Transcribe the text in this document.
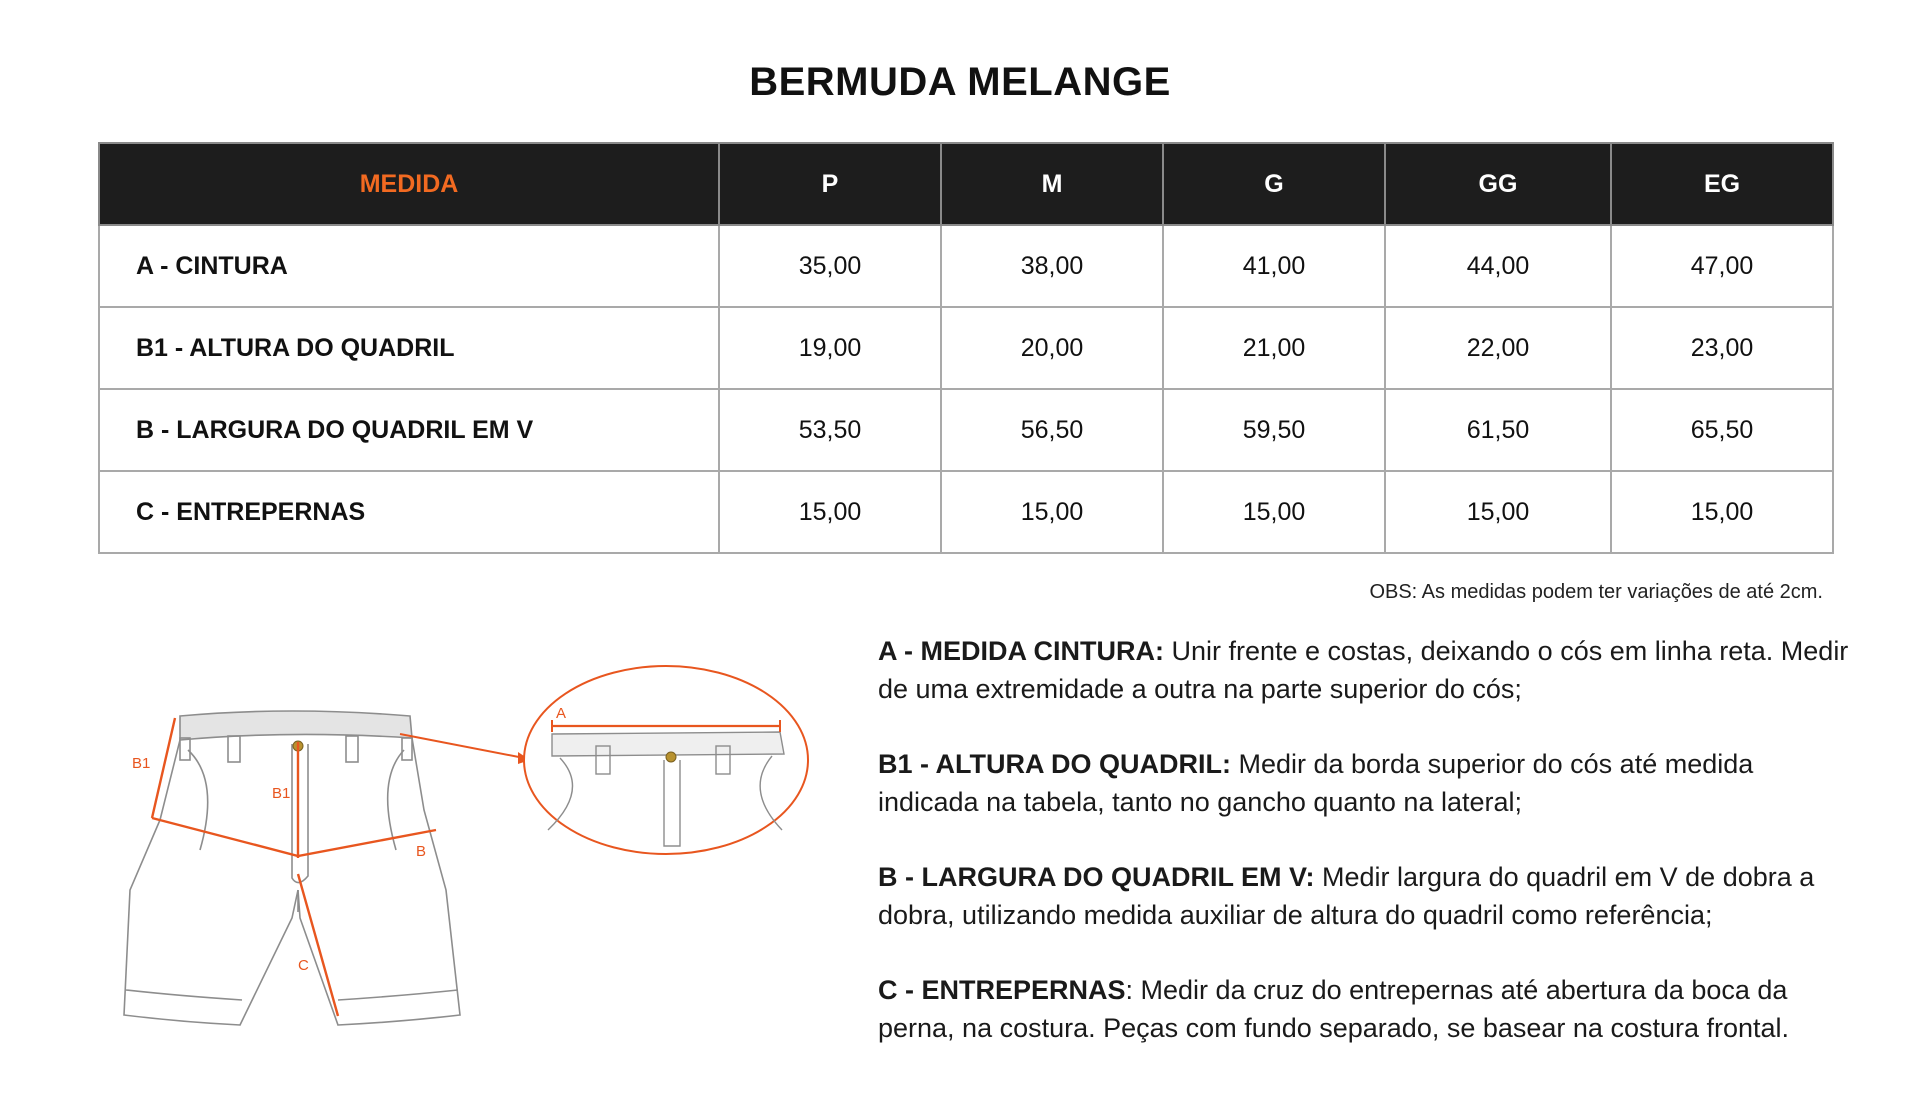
BERMUDA MELANGE
MEDIDA	P	M	G	GG	EG
A - CINTURA	35,00	38,00	41,00	44,00	47,00
B1 - ALTURA DO QUADRIL	19,00	20,00	21,00	22,00	23,00
B - LARGURA DO QUADRIL EM V	53,50	56,50	59,50	61,50	65,50
C - ENTREPERNAS	15,00	15,00	15,00	15,00	15,00
OBS: As medidas podem ter variações de até 2cm.
B1
B1
B
C
A

A - MEDIDA CINTURA: Unir frente e costas, deixando o cós em linha reta. Medir de uma extremidade a outra na parte superior do cós;

B1 - ALTURA DO QUADRIL: Medir da borda superior do cós até medida indicada na tabela, tanto no gancho quanto na lateral;

B - LARGURA DO QUADRIL EM V: Medir largura do quadril em V de dobra a dobra, utilizando medida auxiliar de altura do quadril como referência;

C - ENTREPERNAS: Medir da cruz do entrepernas até abertura da boca da perna, na costura. Peças com fundo separado, se basear na costura frontal.
